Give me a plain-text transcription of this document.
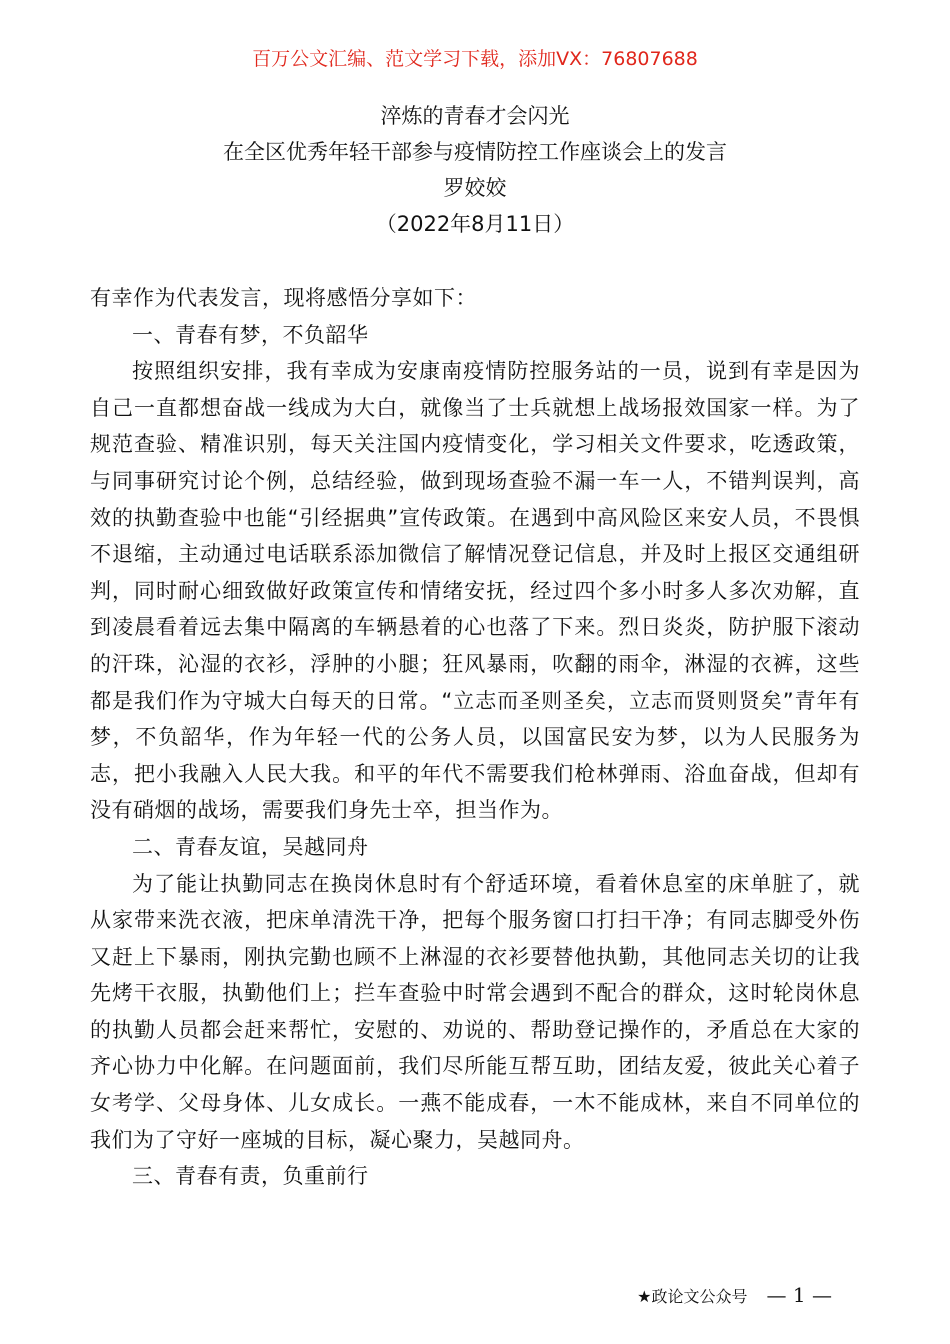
百万公文汇编、范文学习下载，添加VX：76807688
淬炼的青春才会闪光
在全区优秀年轻干部参与疫情防控工作座谈会上的发言
罗姣姣
（2022年8月11日）

有幸作为代表发言，现将感悟分享如下：

一、青春有梦，不负韶华

按照组织安排，我有幸成为安康南疫情防控服务站的一员，说到有幸是因为自己一直都想奋战一线成为大白，就像当了士兵就想上战场报效国家一样。为了规范查验、精准识别，每天关注国内疫情变化，学习相关文件要求，吃透政策，与同事研究讨论个例，总结经验，做到现场查验不漏一车一人，不错判误判，高效的执勤查验中也能“引经据典”宣传政策。在遇到中高风险区来安人员，不畏惧不退缩，主动通过电话联系添加微信了解情况登记信息，并及时上报区交通组研判，同时耐心细致做好政策宣传和情绪安抚，经过四个多小时多人多次劝解，直到凌晨看着远去集中隔离的车辆悬着的心也落了下来。烈日炎炎，防护服下滚动的汗珠，沁湿的衣衫，浮肿的小腿；狂风暴雨，吹翻的雨伞，淋湿的衣裤，这些都是我们作为守城大白每天的日常。“立志而圣则圣矣，立志而贤则贤矣”青年有梦，不负韶华，作为年轻一代的公务人员，以国富民安为梦，以为人民服务为志，把小我融入人民大我。和平的年代不需要我们枪林弹雨、浴血奋战，但却有没有硝烟的战场，需要我们身先士卒，担当作为。

二、青春友谊，吴越同舟

为了能让执勤同志在换岗休息时有个舒适环境，看着休息室的床单脏了，就从家带来洗衣液，把床单清洗干净，把每个服务窗口打扫干净；有同志脚受外伤又赶上下暴雨，刚执完勤也顾不上淋湿的衣衫要替他执勤，其他同志关切的让我先烤干衣服，执勤他们上；拦车查验中时常会遇到不配合的群众，这时轮岗休息的执勤人员都会赶来帮忙，安慰的、劝说的、帮助登记操作的，矛盾总在大家的齐心协力中化解。在问题面前，我们尽所能互帮互助，团结友爱，彼此关心着子女考学、父母身体、儿女成长。一燕不能成春，一木不能成林，来自不同单位的我们为了守好一座城的目标，凝心聚力，吴越同舟。

三、青春有责，负重前行

★政论文公众号 — 1 —
